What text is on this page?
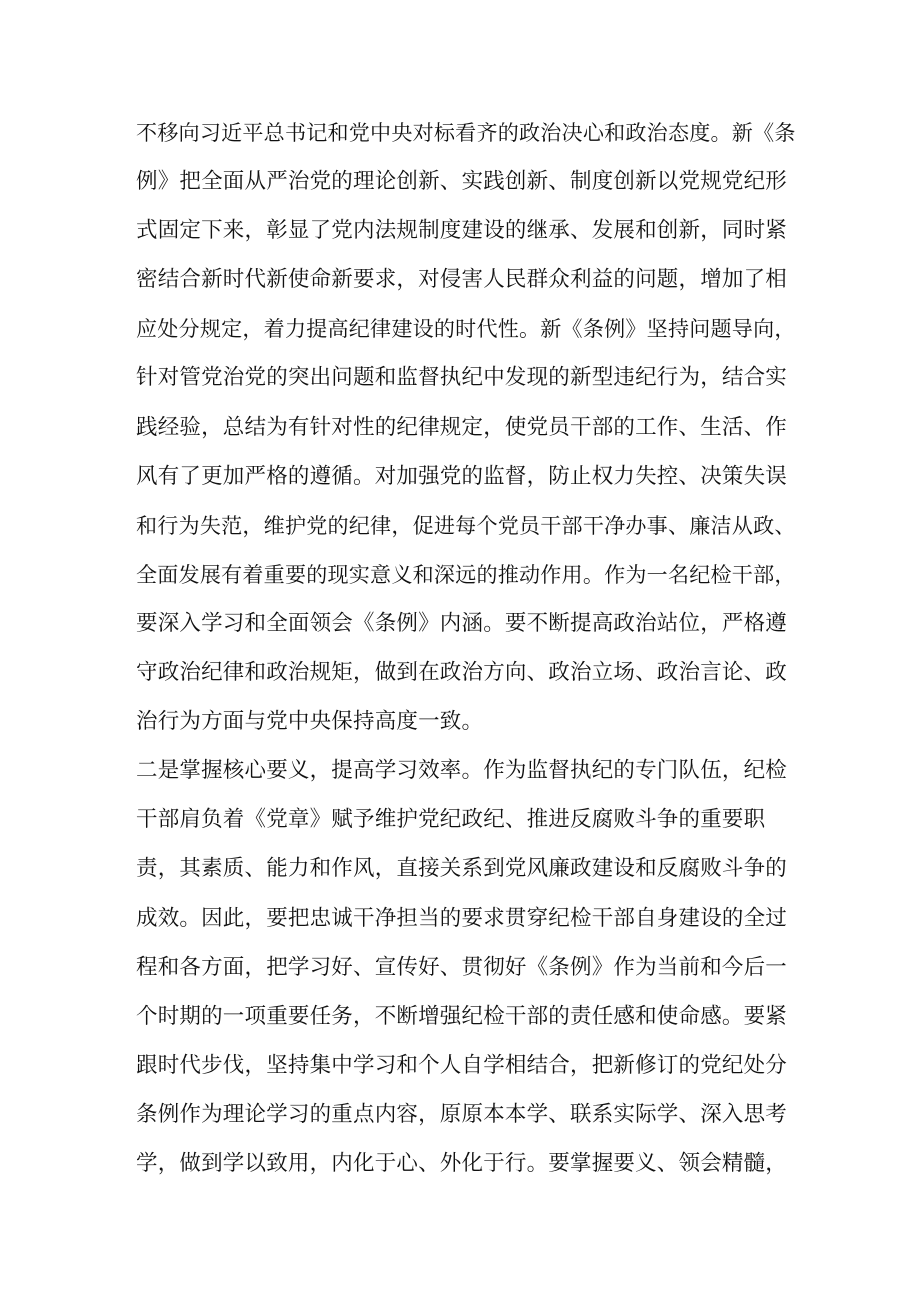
不移向习近平总书记和党中央对标看齐的政治决心和政治态度。新《条
例》把全面从严治党的理论创新、实践创新、制度创新以党规党纪形
式固定下来，彰显了党内法规制度建设的继承、发展和创新，同时紧
密结合新时代新使命新要求，对侵害人民群众利益的问题，增加了相
应处分规定，着力提高纪律建设的时代性。新《条例》坚持问题导向，
针对管党治党的突出问题和监督执纪中发现的新型违纪行为，结合实
践经验，总结为有针对性的纪律规定，使党员干部的工作、生活、作
风有了更加严格的遵循。对加强党的监督，防止权力失控、决策失误
和行为失范，维护党的纪律，促进每个党员干部干净办事、廉洁从政、
全面发展有着重要的现实意义和深远的推动作用。作为一名纪检干部，
要深入学习和全面领会《条例》内涵。要不断提高政治站位，严格遵
守政治纪律和政治规矩，做到在政治方向、政治立场、政治言论、政
治行为方面与党中央保持高度一致。
二是掌握核心要义，提高学习效率。作为监督执纪的专门队伍，纪检
干部肩负着《党章》赋予维护党纪政纪、推进反腐败斗争的重要职
责，其素质、能力和作风，直接关系到党风廉政建设和反腐败斗争的
成效。因此，要把忠诚干净担当的要求贯穿纪检干部自身建设的全过
程和各方面，把学习好、宣传好、贯彻好《条例》作为当前和今后一
个时期的一项重要任务，不断增强纪检干部的责任感和使命感。要紧
跟时代步伐，坚持集中学习和个人自学相结合，把新修订的党纪处分
条例作为理论学习的重点内容，原原本本学、联系实际学、深入思考
学，做到学以致用，内化于心、外化于行。要掌握要义、领会精髓，
